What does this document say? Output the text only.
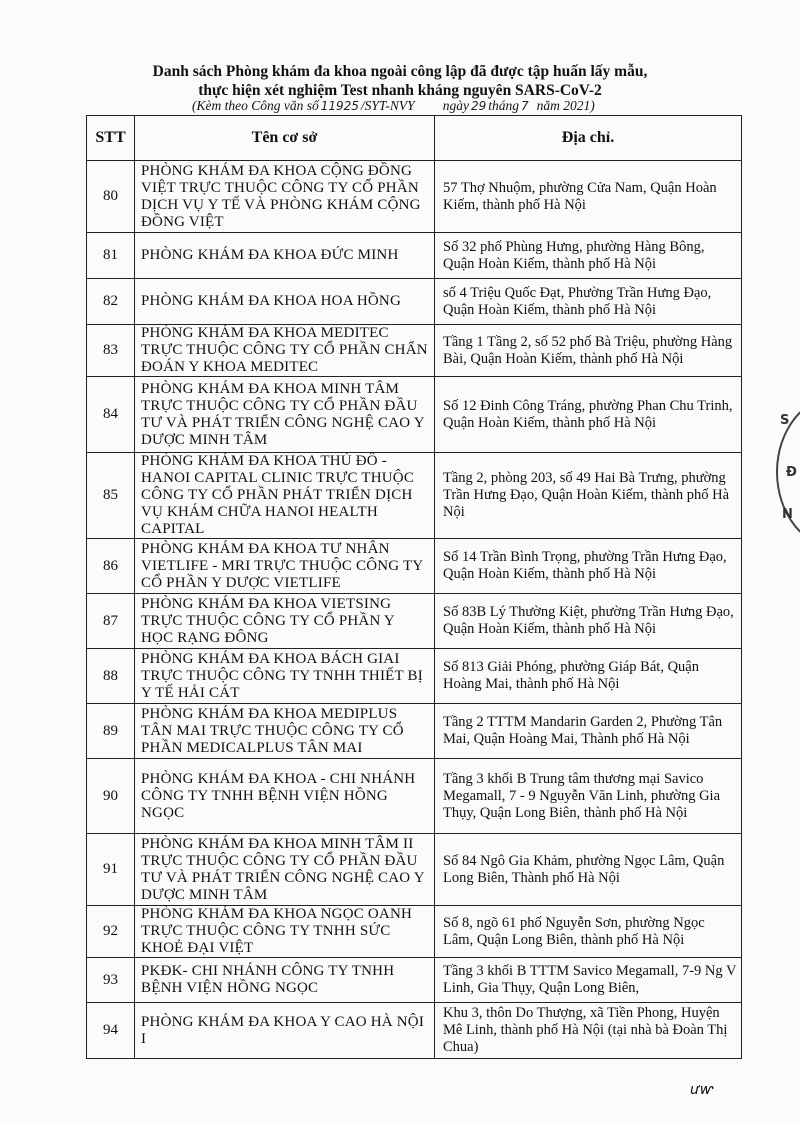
Danh sách Phòng khám đa khoa ngoài công lập đã được tập huấn lấy mẫu,
thực hiện xét nghiệm Test nhanh kháng nguyên SARS-CoV-2
(Kèm theo Công văn số 11925 /SYT-NVY ngày 29 tháng 7 năm 2021)
STT	Tên cơ sở	Địa chỉ.
80	PHÒNG KHÁM ĐA KHOA CỘNG ĐỒNG VIỆT TRỰC THUỘC CÔNG TY CỔ PHẦN DỊCH VỤ Y TẾ VÀ PHÒNG KHÁM CỘNG ĐỒNG VIỆT	57 Thợ Nhuộm, phường Cửa Nam, Quận Hoàn Kiếm, thành phố Hà Nội
81	PHÒNG KHÁM ĐA KHOA ĐỨC MINH	Số 32 phố Phùng Hưng, phường Hàng Bông, Quận Hoàn Kiếm, thành phố Hà Nội
82	PHÒNG KHÁM ĐA KHOA HOA HỒNG	số 4 Triệu Quốc Đạt, Phường Trần Hưng Đạo, Quận Hoàn Kiếm, thành phố Hà Nội
83	PHÒNG KHÁM ĐA KHOA MEDITEC TRỰC THUỘC CÔNG TY CỔ PHẦN CHẨN ĐOÁN Y KHOA MEDITEC	Tầng 1 Tầng 2, số 52 phố Bà Triệu, phường Hàng Bài, Quận Hoàn Kiếm, thành phố Hà Nội
84	PHÒNG KHÁM ĐA KHOA MINH TÂM TRỰC THUỘC CÔNG TY CỔ PHẦN ĐẦU TƯ VÀ PHÁT TRIỂN CÔNG NGHỆ CAO Y DƯỢC MINH TÂM	Số 12 Đinh Công Tráng, phường Phan Chu Trinh, Quận Hoàn Kiếm, thành phố Hà Nội
85	PHÒNG KHÁM ĐA KHOA THỦ ĐÔ - HANOI CAPITAL CLINIC TRỰC THUỘC CÔNG TY CỔ PHẦN PHÁT TRIỂN DỊCH VỤ KHÁM CHỮA HANOI HEALTH CAPITAL	Tầng 2, phòng 203, số 49 Hai Bà Trưng, phường Trần Hưng Đạo, Quận Hoàn Kiếm, thành phố Hà Nội
86	PHÒNG KHÁM ĐA KHOA TƯ NHÂN VIETLIFE - MRI TRỰC THUỘC CÔNG TY CỔ PHẦN Y DƯỢC VIETLIFE	Số 14 Trần Bình Trọng, phường Trần Hưng Đạo, Quận Hoàn Kiếm, thành phố Hà Nội
87	PHÒNG KHÁM ĐA KHOA VIETSING TRỰC THUỘC CÔNG TY CỔ PHẦN Y HỌC RẠNG ĐÔNG	Số 83B Lý Thường Kiệt, phường Trần Hưng Đạo, Quận Hoàn Kiếm, thành phố Hà Nội
88	PHÒNG KHÁM ĐA KHOA BÁCH GIAI TRỰC THUỘC CÔNG TY TNHH THIẾT BỊ Y TẾ HẢI CÁT	Số 813 Giải Phóng, phường Giáp Bát, Quận Hoàng Mai, thành phố Hà Nội
89	PHÒNG KHÁM ĐA KHOA MEDIPLUS TÂN MAI TRỰC THUỘC CÔNG TY CỔ PHẦN MEDICALPLUS TÂN MAI	Tầng 2 TTTM Mandarin Garden 2, Phường Tân Mai, Quận Hoàng Mai, Thành phố Hà Nội
90	PHÒNG KHÁM ĐA KHOA - CHI NHÁNH CÔNG TY TNHH BỆNH VIỆN HỒNG NGỌC	Tầng 3 khối B Trung tâm thương mại Savico Megamall, 7 - 9 Nguyễn Văn Linh, phường Gia Thụy, Quận Long Biên, thành phố Hà Nội
91	PHÒNG KHÁM ĐA KHOA MINH TÂM II TRỰC THUỘC CÔNG TY CỔ PHẦN ĐẦU TƯ VÀ PHÁT TRIỂN CÔNG NGHỆ CAO Y DƯỢC MINH TÂM	Số 84 Ngô Gia Khảm, phường Ngọc Lâm, Quận Long Biên, Thành phố Hà Nội
92	PHÒNG KHÁM ĐA KHOA NGỌC OANH TRỰC THUỘC CÔNG TY TNHH SỨC KHOẺ ĐẠI VIỆT	Số 8, ngõ 61 phố Nguyễn Sơn, phường Ngọc Lâm, Quận Long Biên, thành phố Hà Nội
93	PKĐK- CHI NHÁNH CÔNG TY TNHH BỆNH VIỆN HỒNG NGỌC	Tầng 3 khối B TTTM Savico Megamall, 7-9 Ng V Linh, Gia Thụy, Quận Long Biên,
94	PHÒNG KHÁM ĐA KHOA Y CAO HÀ NỘI I	Khu 3, thôn Do Thượng, xã Tiền Phong, Huyện Mê Linh, thành phố Hà Nội (tại nhà bà Đoàn Thị Chua)
S
Đ
N
ưⱳ
